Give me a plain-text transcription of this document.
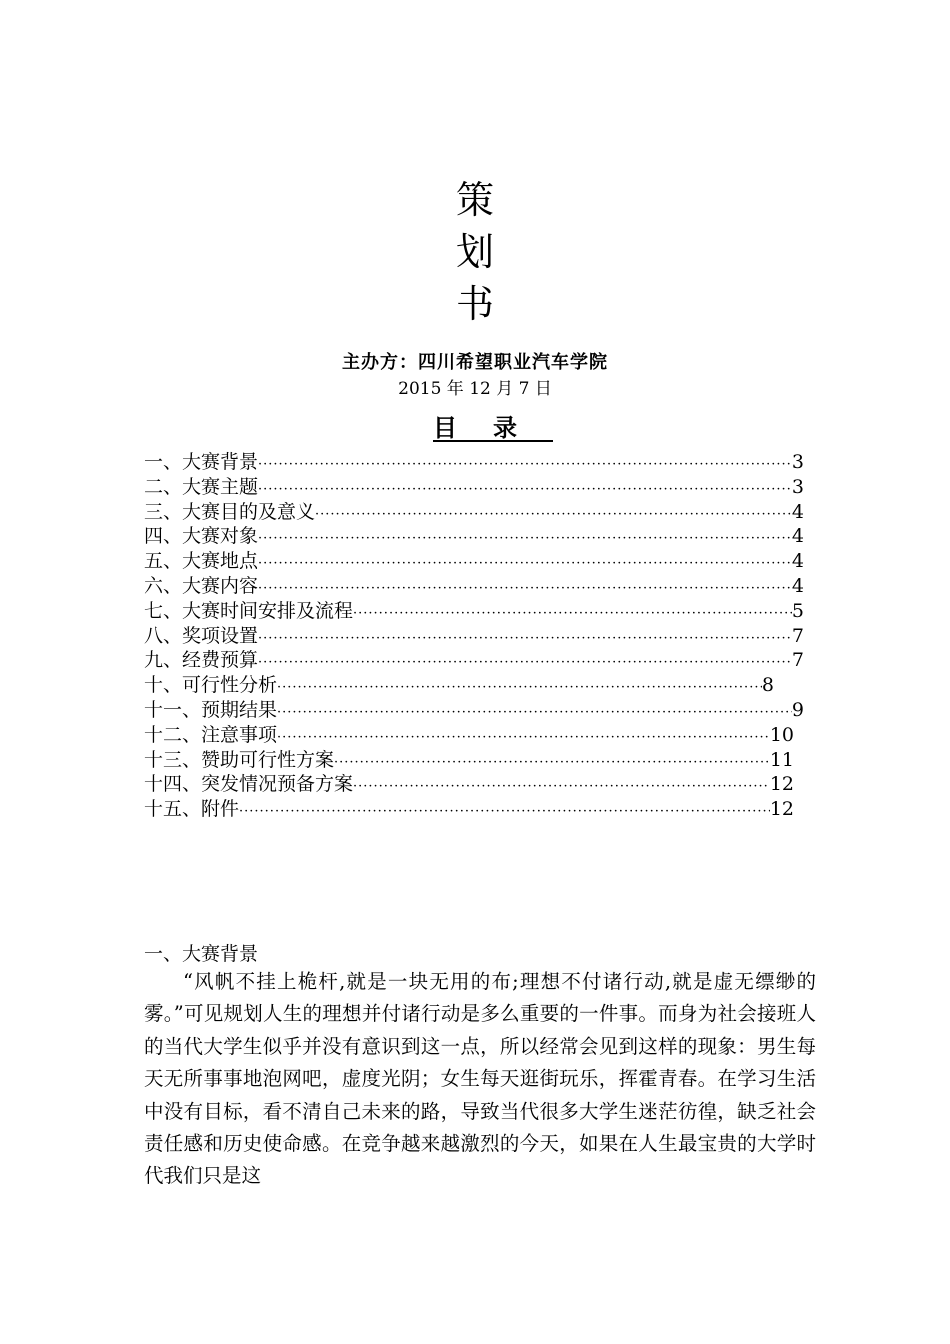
策
划
书
主办方：四川希望职业汽车学院
2015 年 12 月 7 日
目录
一、大赛背景 ·····	3
二、大赛主题 ·····	3
三、大赛目的及意义 ·····	4
四、大赛对象 ·····	4
五、大赛地点 ·····	4
六、大赛内容 ·····	4
七、大赛时间安排及流程 ·····	5
八、奖项设置 ·····	7
九、经费预算 ·····	7
十、可行性分析 ·····	8
十一、预期结果 ·····	9
十二、注意事项 ·····	10
十三、赞助可行性方案 ·····	11
十四、突发情况预备方案 ·····	12
十五、附件 ·····	12
一、大赛背景

“风帆不挂上桅杆,就是一块无用的布;理想不付诸行动,就是虚无缥缈的雾。”可见规划人生的理想并付诸行动是多么重要的一件事。而身为社会接班人的当代大学生似乎并没有意识到这一点，所以经常会见到这样的现象：男生每天无所事事地泡网吧，虚度光阴；女生每天逛街玩乐，挥霍青春。在学习生活中没有目标，看不清自己未来的路，导致当代很多大学生迷茫彷徨，缺乏社会责任感和历史使命感。在竞争越来越激烈的今天，如果在人生最宝贵的大学时代我们只是这
